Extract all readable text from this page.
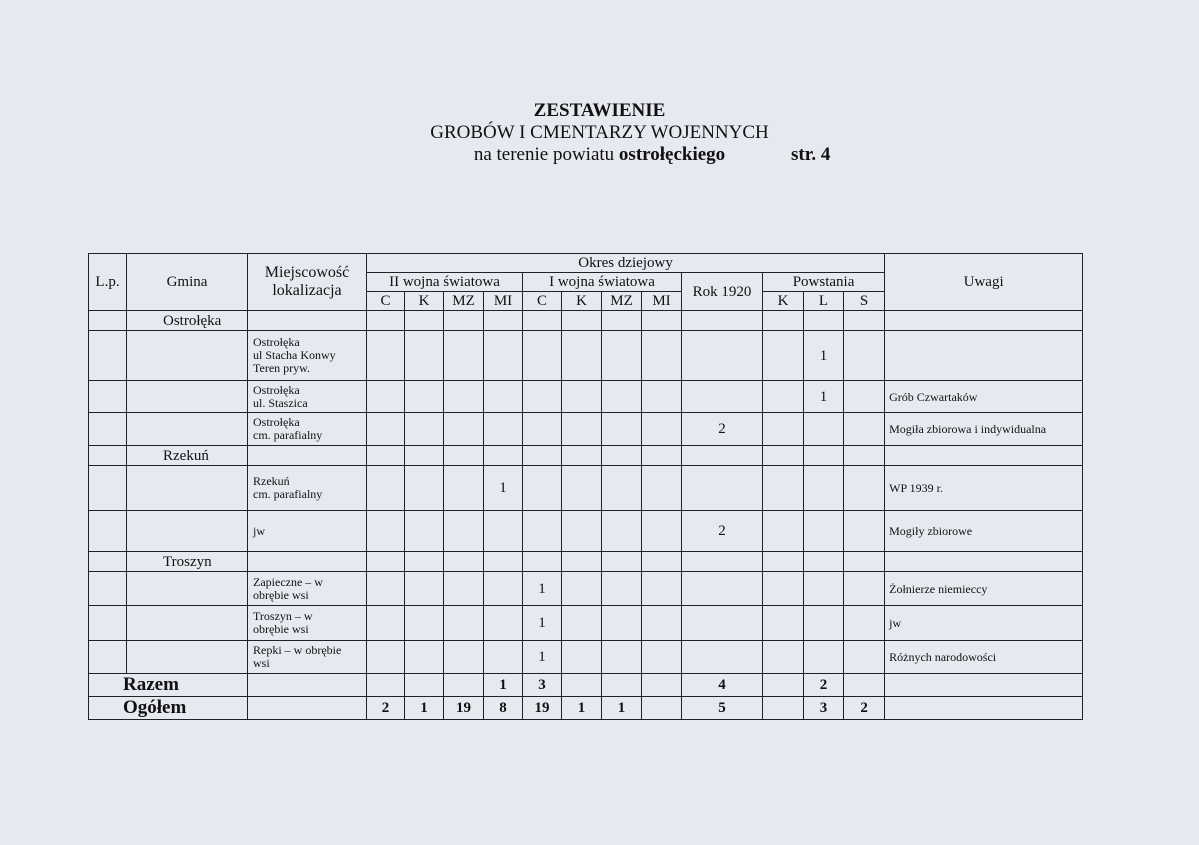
ZESTAWIENIE
GROBÓW I CMENTARZY WOJENNYCH
na terenie powiatu ostrołęckiego	str. 4
L.p.	Gmina	Miejscowość lokalizacja	Okres dziejowy												Uwagi
			II wojna światowa				I wojna światowa				Rok 1920	Powstania			
			C	K	MZ	MI	C	K	MZ	MI		K	L	S	
	Ostrołęka														
		Ostrołęka
ul Stacha Konwy
Teren pryw.											1		
		Ostrołęka
ul. Staszica											1		Grób Czwartaków
		Ostrołęka
cm. parafialny									2				Mogiła zbiorowa i indywidualna
	Rzekuń														
		Rzekuń
cm. parafialny				1									WP 1939 r.
		jw									2				Mogiły zbiorowe
	Troszyn														
		Zapieczne – w
obrębie wsi					1								Żołnierze niemieccy
		Troszyn – w
obrębie wsi					1								jw
		Repki – w obrębie
wsi					1								Różnych narodowości
Razem						1	3				4		2		
Ogółem			2	1	19	8	19	1	1		5		3	2	
